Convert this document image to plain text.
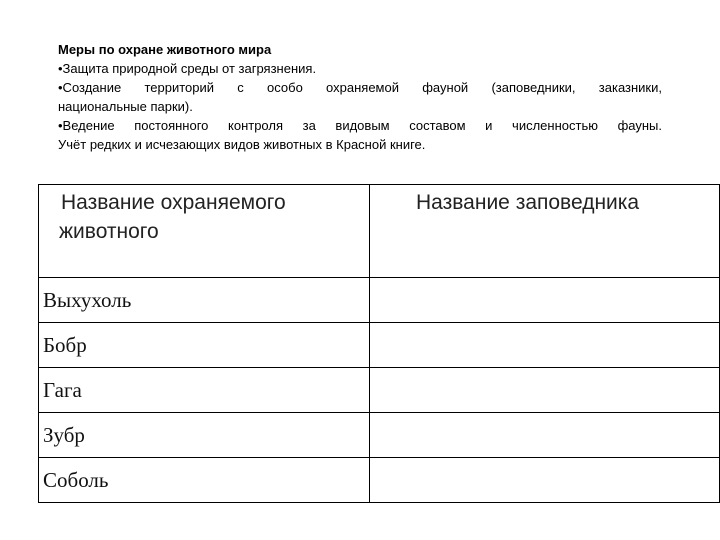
Меры по охране животного мира
•Защита природной среды от загрязнения.
•Создание территорий с особо охраняемой фауной (заповедники, заказники,
национальные парки).
•Ведение постоянного контроля за видовым составом и численностью фауны.
Учёт редких и исчезающих видов животных в Красной книге.
Название охраняемого
животного	Название заповедника
Выхухоль	
Бобр	
Гага	
Зубр	
Соболь	
